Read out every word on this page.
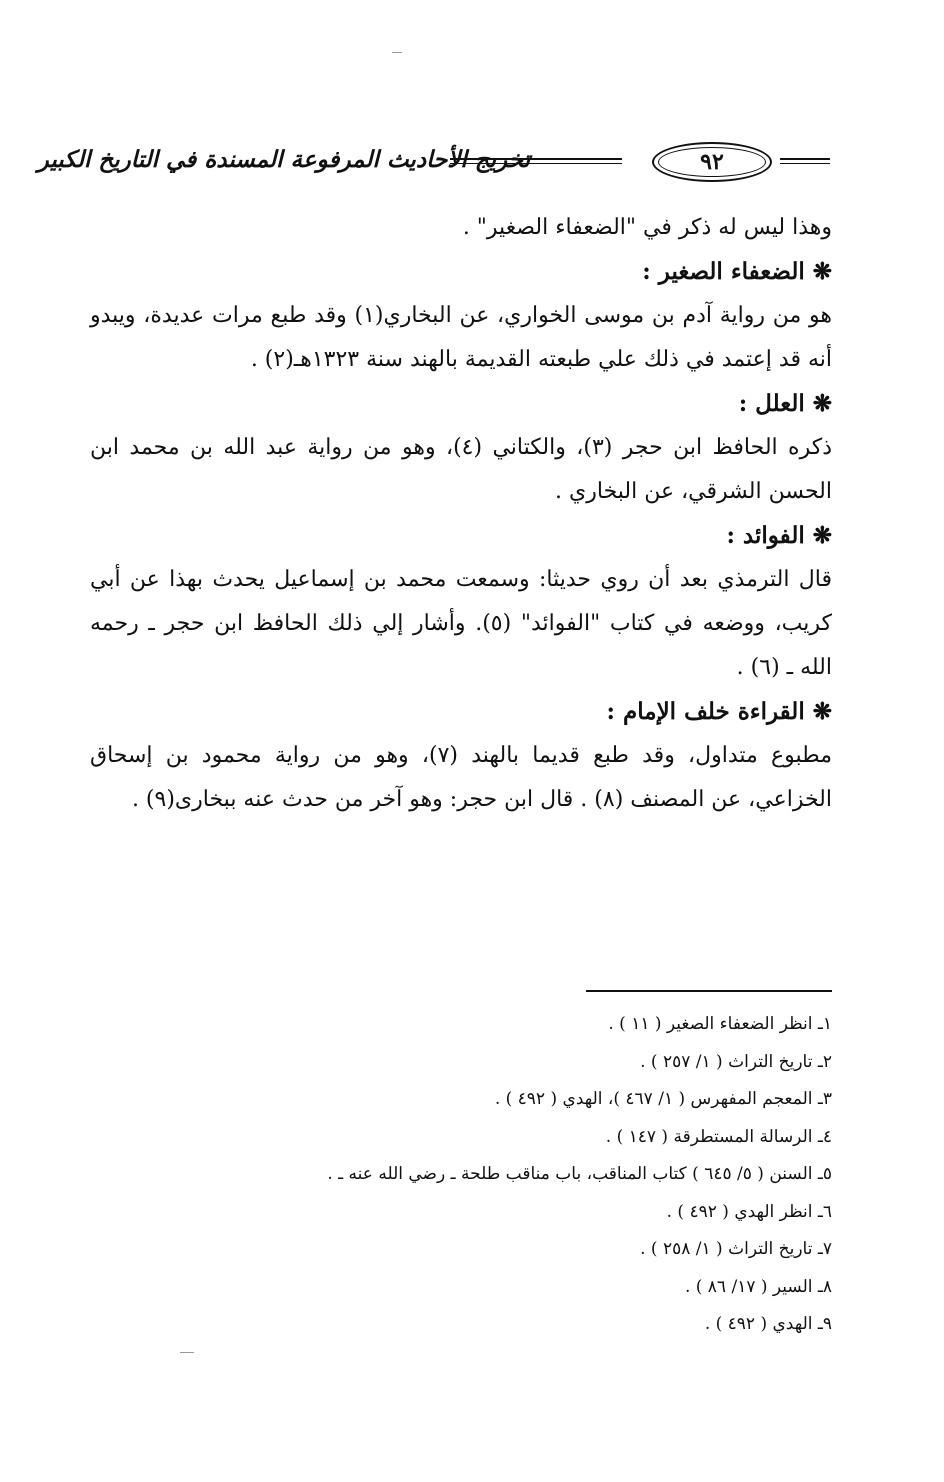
تخريج الأحاديث المرفوعة المسندة في التاريخ الكبير	٩٢

وهذا ليس له ذكر في "الضعفاء الصغير" .

❋ الضعفاء الصغير :

هو من رواية آدم بن موسى الخواري، عن البخاري(١) وقد طبع مرات عديدة، ويبدو أنه قد إعتمد في ذلك علي طبعته القديمة بالهند سنة ١٣٢٣هـ(٢) .

❋ العلل :

ذكره الحافظ ابن حجر (٣)، والكتاني (٤)، وهو من رواية عبد الله بن محمد ابن الحسن الشرقي، عن البخاري .

❋ الفوائد :

قال الترمذي بعد أن روي حديثا: وسمعت محمد بن إسماعيل يحدث بهذا عن أبي كريب، ووضعه في كتاب "الفوائد" (٥). وأشار إلي ذلك الحافظ ابن حجر ـ رحمه الله ـ (٦) .

❋ القراءة خلف الإمام :

مطبوع متداول، وقد طبع قديما بالهند (٧)، وهو من رواية محمود بن إسحاق الخزاعي، عن المصنف (٨) . قال ابن حجر: وهو آخر من حدث عنه ببخارى(٩) .

١ـ انظر الضعفاء الصغير ( ١١ ) .
٢ـ تاريخ التراث ( ١/ ٢٥٧ ) .
٣ـ المعجم المفهرس ( ١/ ٤٦٧ )، الهدي ( ٤٩٢ ) .
٤ـ الرسالة المستطرقة ( ١٤٧ ) .
٥ـ السنن ( ٥/ ٦٤٥ ) كتاب المناقب، باب مناقب طلحة ـ رضي الله عنه ـ .
٦ـ انظر الهدي ( ٤٩٢ ) .
٧ـ تاريخ التراث ( ١/ ٢٥٨ ) .
٨ـ السير ( ١٧/ ٨٦ ) .
٩ـ الهدي ( ٤٩٢ ) .
